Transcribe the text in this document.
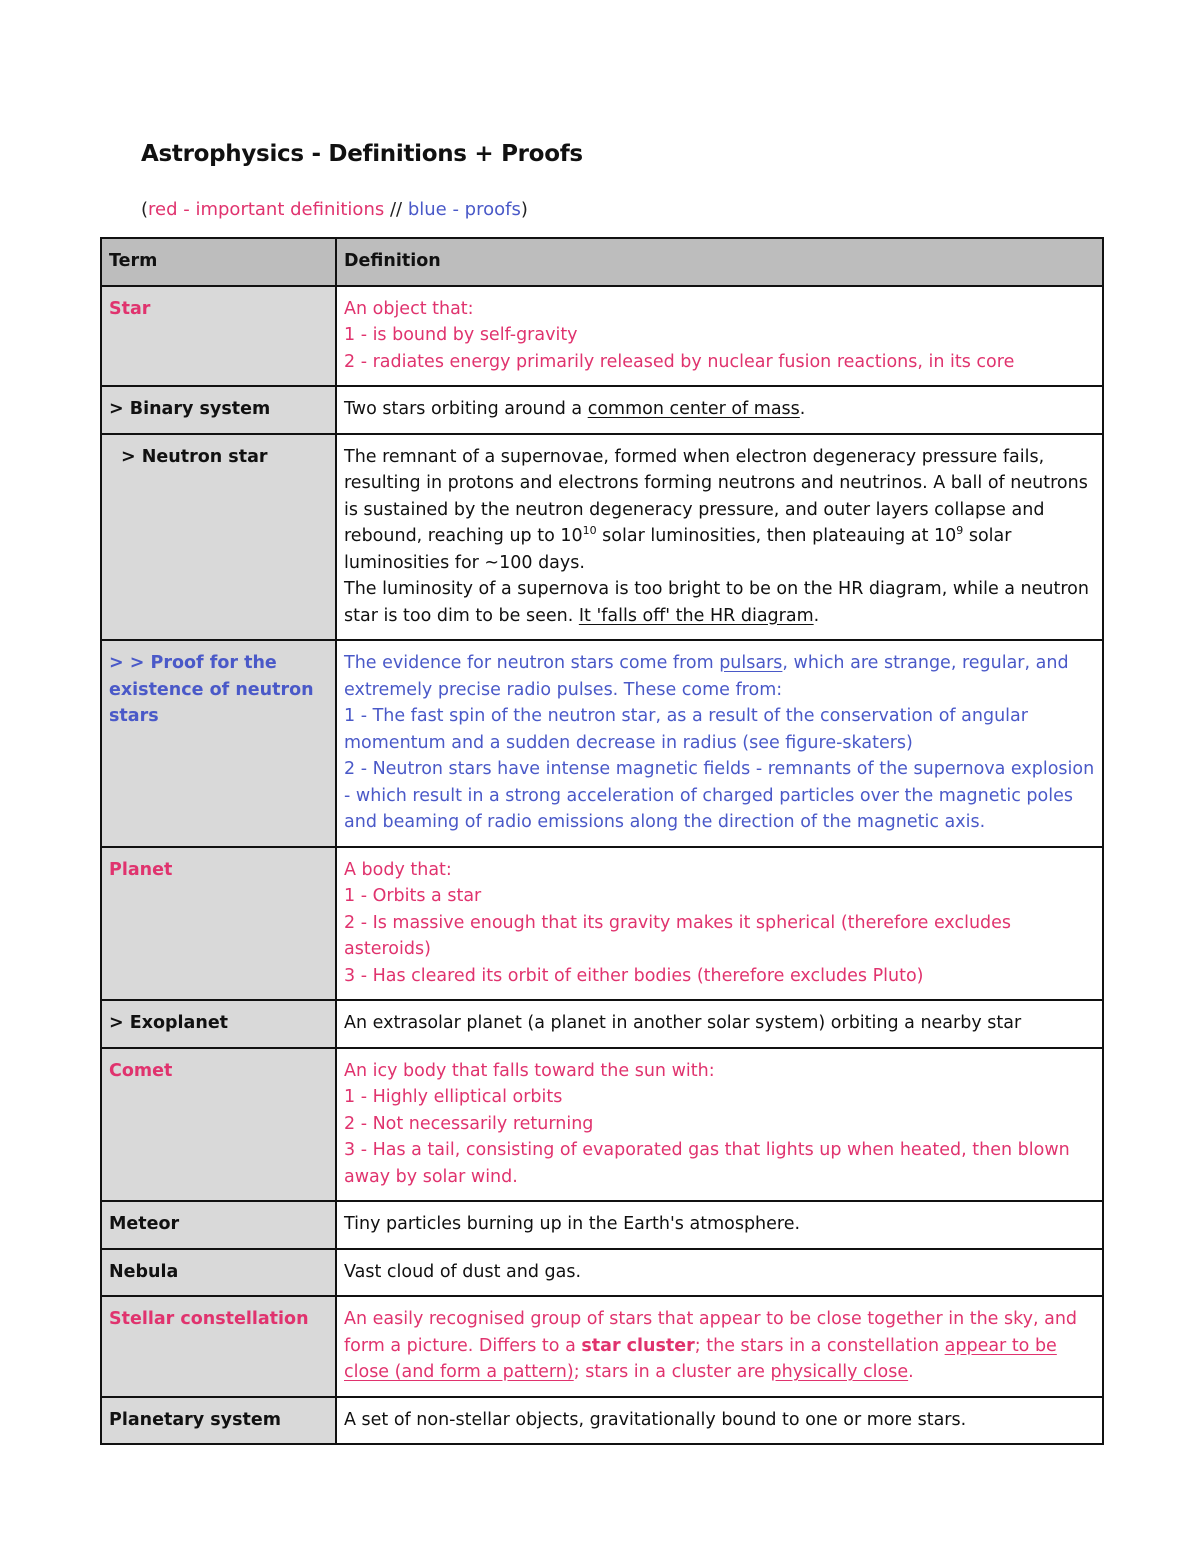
Astrophysics - Definitions + Proofs

(red - important definitions // blue - proofs)

Term	Definition
Star	An object that:
1 - is bound by self-gravity
2 - radiates energy primarily released by nuclear fusion reactions, in its core

> Binary system	Two stars orbiting around a common center of mass.
> Neutron star	The remnant of a supernovae, formed when electron degeneracy pressure fails, resulting in protons and electrons forming neutrons and neutrinos. A ball of neutrons is sustained by the neutron degeneracy pressure, and outer layers collapse and rebound, reaching up to $10^{10}$ solar luminosities, then plateauing at $10^9$ solar luminosities for ~100 days.
The luminosity of a supernova is too bright to be on the HR diagram, while a neutron star is too dim to be seen. It 'falls off' the HR diagram.
> > Proof for the existence of neutron stars	The evidence for neutron stars come from pulsars, which are strange, regular, and extremely precise radio pulses. These come from:
1 - The fast spin of the neutron star, as a result of the conservation of angular momentum and a sudden decrease in radius (see figure-skaters)
2 - Neutron stars have intense magnetic fields - remnants of the supernova explosion - which result in a strong acceleration of charged particles over the magnetic poles and beaming of radio emissions along the direction of the magnetic axis.

Planet	A body that:
1 - Orbits a star
2 - Is massive enough that its gravity makes it spherical (therefore excludes asteroids)
3 - Has cleared its orbit of either bodies (therefore excludes Pluto)

> Exoplanet	An extrasolar planet (a planet in another solar system) orbiting a nearby star
Comet	An icy body that falls toward the sun with:
1 - Highly elliptical orbits
2 - Not necessarily returning
3 - Has a tail, consisting of evaporated gas that lights up when heated, then blown away by solar wind.

Meteor	Tiny particles burning up in the Earth's atmosphere.
Nebula	Vast cloud of dust and gas.
Stellar constellation	An easily recognised group of stars that appear to be close together in the sky, and form a picture. Differs to a star cluster; the stars in a constellation appear to be close (and form a pattern); stars in a cluster are physically close.
Planetary system	A set of non-stellar objects, gravitationally bound to one or more stars.
